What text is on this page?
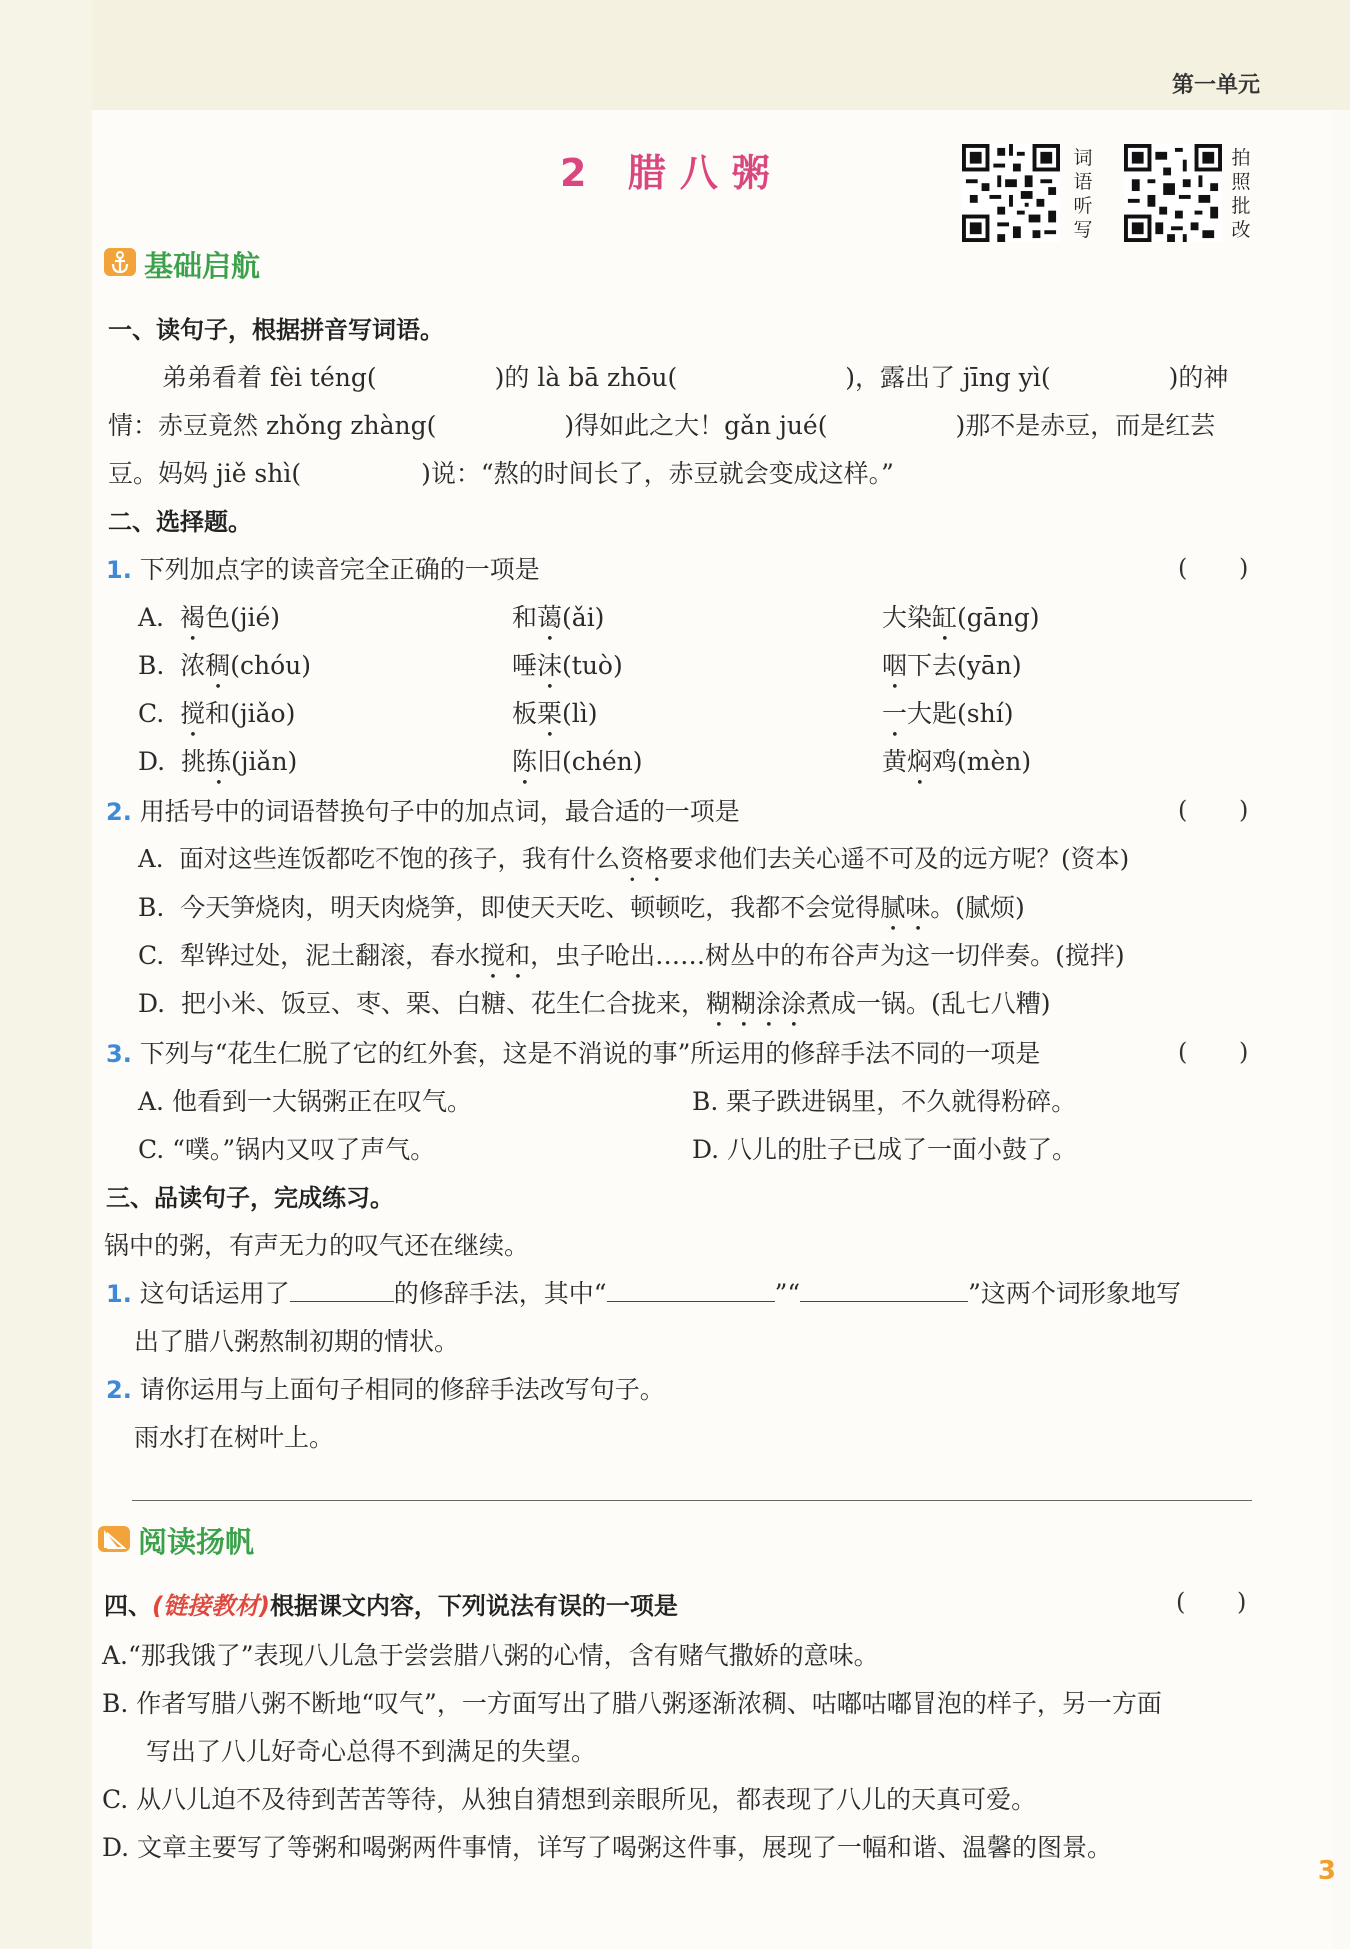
第一单元
2 腊八粥	词语听写
拍照批改
基础启航
一、读句子，根据拼音写词语。
弟弟看着 fèi téng(	)的 là bā zhōu(	)，露出了 jīng yì(	)的神
情：赤豆竟然 zhǒng zhàng(	)得如此之大！gǎn jué(	)那不是赤豆，而是红芸
豆。妈妈 jiě shì(	)说：“熬的时间长了，赤豆就会变成这样。”
二、选择题。
1. 下列加点字的读音完全正确的一项是	( )
A. 褐色(jié)	和蔼(ǎi)	大染缸(gāng)
B. 浓稠(chóu)	唾沫(tuò)	咽下去(yān)
C. 搅和(jiǎo)	板栗(lì)	一大匙(shí)
D. 挑拣(jiǎn)	陈旧(chén)	黄焖鸡(mèn)
2. 用括号中的词语替换句子中的加点词，最合适的一项是	( )
A. 面对这些连饭都吃不饱的孩子，我有什么资格要求他们去关心遥不可及的远方呢？(资本)
B. 今天笋烧肉，明天肉烧笋，即使天天吃、顿顿吃，我都不会觉得腻味。(腻烦)
C. 犁铧过处，泥土翻滚，春水搅和，虫子呛出……树丛中的布谷声为这一切伴奏。(搅拌)
D. 把小米、饭豆、枣、栗、白糖、花生仁合拢来，糊糊涂涂煮成一锅。(乱七八糟)
3. 下列与“花生仁脱了它的红外套，这是不消说的事”所运用的修辞手法不同的一项是	( )
A. 他看到一大锅粥正在叹气。	B. 栗子跌进锅里，不久就得粉碎。
C. “噗。”锅内又叹了声气。	D. 八儿的肚子已成了一面小鼓了。
三、品读句子，完成练习。
锅中的粥，有声无力的叹气还在继续。
1. 这句话运用了	的修辞手法，其中“	”“	”这两个词形象地写
出了腊八粥熬制初期的情状。
2. 请你运用与上面句子相同的修辞手法改写句子。
雨水打在树叶上。
阅读扬帆
四、(链接教材)根据课文内容，下列说法有误的一项是	( )
A.“那我饿了”表现八儿急于尝尝腊八粥的心情，含有赌气撒娇的意味。
B. 作者写腊八粥不断地“叹气”，一方面写出了腊八粥逐渐浓稠、咕嘟咕嘟冒泡的样子，另一方面
写出了八儿好奇心总得不到满足的失望。
C. 从八儿迫不及待到苦苦等待，从独自猜想到亲眼所见，都表现了八儿的天真可爱。
D. 文章主要写了等粥和喝粥两件事情，详写了喝粥这件事，展现了一幅和谐、温馨的图景。
3
